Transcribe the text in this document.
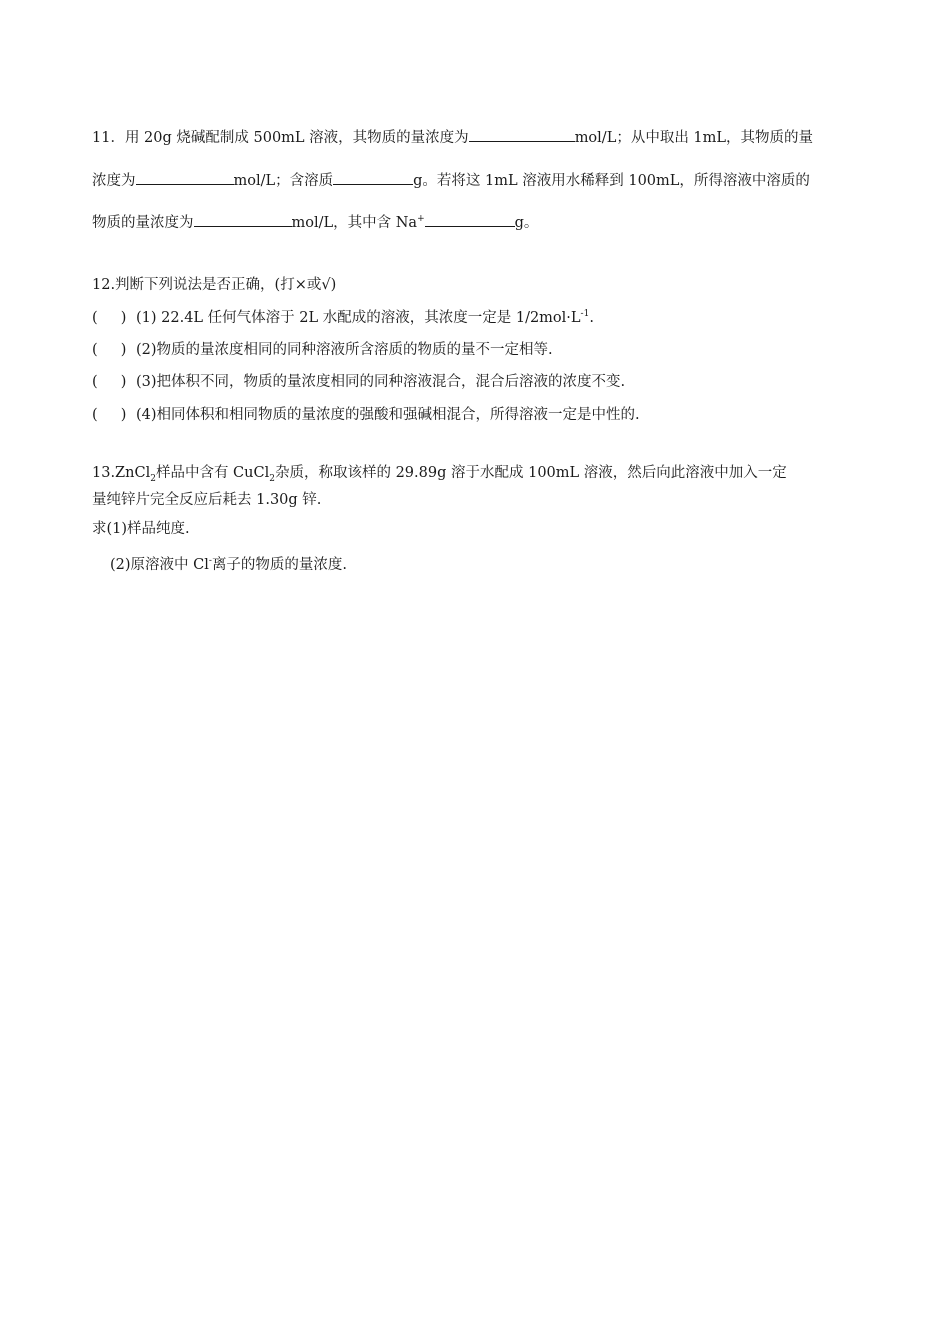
11．用 20g 烧碱配制成 500mL 溶液，其物质的量浓度为	mol/L；从中取出 1mL，其物质的量
浓度为	mol/L；含溶质	g。若将这 1mL 溶液用水稀释到 100mL，所得溶液中溶质的
物质的量浓度为	mol/L，其中含 Na+	g。
12.判断下列说法是否正确，(打×或√)
( ) (1) 22.4L 任何气体溶于 2L 水配成的溶液，其浓度一定是 $1/2mol\cdot L^{-1}$.
( ) (2)物质的量浓度相同的同种溶液所含溶质的物质的量不一定相等.
( ) (3)把体积不同，物质的量浓度相同的同种溶液混合，混合后溶液的浓度不变.
( ) (4)相同体积和相同物质的量浓度的强酸和强碱相混合，所得溶液一定是中性的.
13.ZnCl$_2$样品中含有 CuCl$_2$杂质，称取该样的 29.89g 溶于水配成 100mL 溶液，然后向此溶液中加入一定
量纯锌片完全反应后耗去 1.30g 锌.
求(1)样品纯度.
(2)原溶液中 Cl-离子的物质的量浓度.
